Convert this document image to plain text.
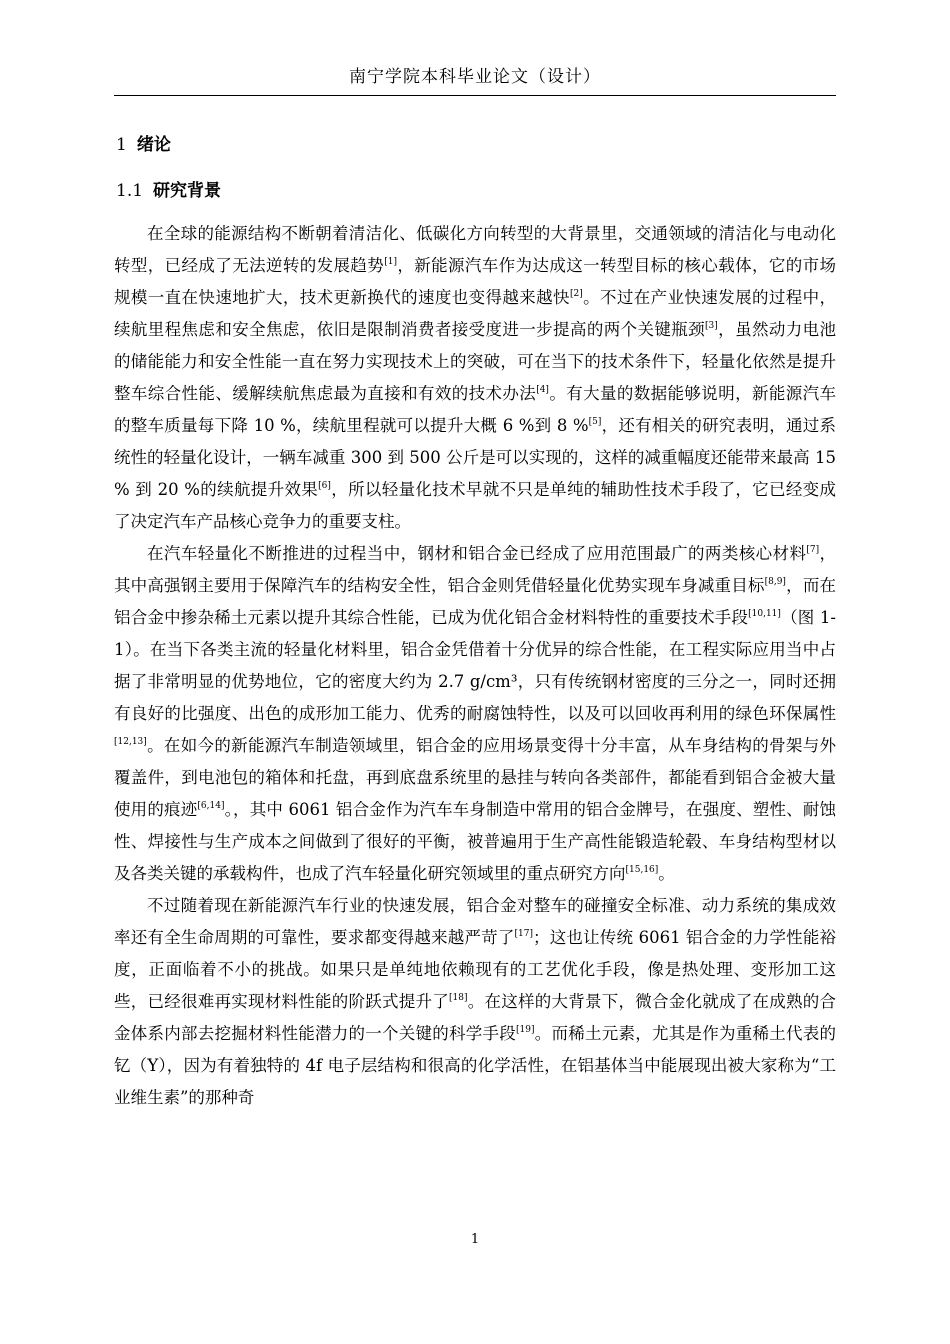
南宁学院本科毕业论文（设计）
1 绪论
1.1 研究背景

在全球的能源结构不断朝着清洁化、低碳化方向转型的大背景里，交通领域的清洁化与电动化转型，已经成了无法逆转的发展趋势[1]，新能源汽车作为达成这一转型目标的核心载体，它的市场规模一直在快速地扩大，技术更新换代的速度也变得越来越快[2]。不过在产业快速发展的过程中，续航里程焦虑和安全焦虑，依旧是限制消费者接受度进一步提高的两个关键瓶颈[3]，虽然动力电池的储能能力和安全性能一直在努力实现技术上的突破，可在当下的技术条件下，轻量化依然是提升整车综合性能、缓解续航焦虑最为直接和有效的技术办法[4]。有大量的数据能够说明，新能源汽车的整车质量每下降 10 %，续航里程就可以提升大概 6 %到 8 %[5]，还有相关的研究表明，通过系统性的轻量化设计，一辆车减重 300 到 500 公斤是可以实现的，这样的减重幅度还能带来最高 15 % 到 20 %的续航提升效果[6]，所以轻量化技术早就不只是单纯的辅助性技术手段了，它已经变成了决定汽车产品核心竞争力的重要支柱。

在汽车轻量化不断推进的过程当中，钢材和铝合金已经成了应用范围最广的两类核心材料[7]，其中高强钢主要用于保障汽车的结构安全性，铝合金则凭借轻量化优势实现车身减重目标[8,9]，而在铝合金中掺杂稀土元素以提升其综合性能，已成为优化铝合金材料特性的重要技术手段[10,11]（图 1-1）。在当下各类主流的轻量化材料里，铝合金凭借着十分优异的综合性能，在工程实际应用当中占据了非常明显的优势地位，它的密度大约为 2.7 g/cm³，只有传统钢材密度的三分之一，同时还拥有良好的比强度、出色的成形加工能力、优秀的耐腐蚀特性，以及可以回收再利用的绿色环保属性[12,13]。在如今的新能源汽车制造领域里，铝合金的应用场景变得十分丰富，从车身结构的骨架与外覆盖件，到电池包的箱体和托盘，再到底盘系统里的悬挂与转向各类部件，都能看到铝合金被大量使用的痕迹[6,14]。，其中 6061 铝合金作为汽车车身制造中常用的铝合金牌号，在强度、塑性、耐蚀性、焊接性与生产成本之间做到了很好的平衡，被普遍用于生产高性能锻造轮毂、车身结构型材以及各类关键的承载构件，也成了汽车轻量化研究领域里的重点研究方向[15,16]。

不过随着现在新能源汽车行业的快速发展，铝合金对整车的碰撞安全标准、动力系统的集成效率还有全生命周期的可靠性，要求都变得越来越严苛了[17]；这也让传统 6061 铝合金的力学性能裕度，正面临着不小的挑战。如果只是单纯地依赖现有的工艺优化手段，像是热处理、变形加工这些，已经很难再实现材料性能的阶跃式提升了[18]。在这样的大背景下，微合金化就成了在成熟的合金体系内部去挖掘材料性能潜力的一个关键的科学手段[19]。而稀土元素，尤其是作为重稀土代表的钇（Y），因为有着独特的 4f 电子层结构和很高的化学活性，在铝基体当中能展现出被大家称为“工业维生素”的那种奇

1
